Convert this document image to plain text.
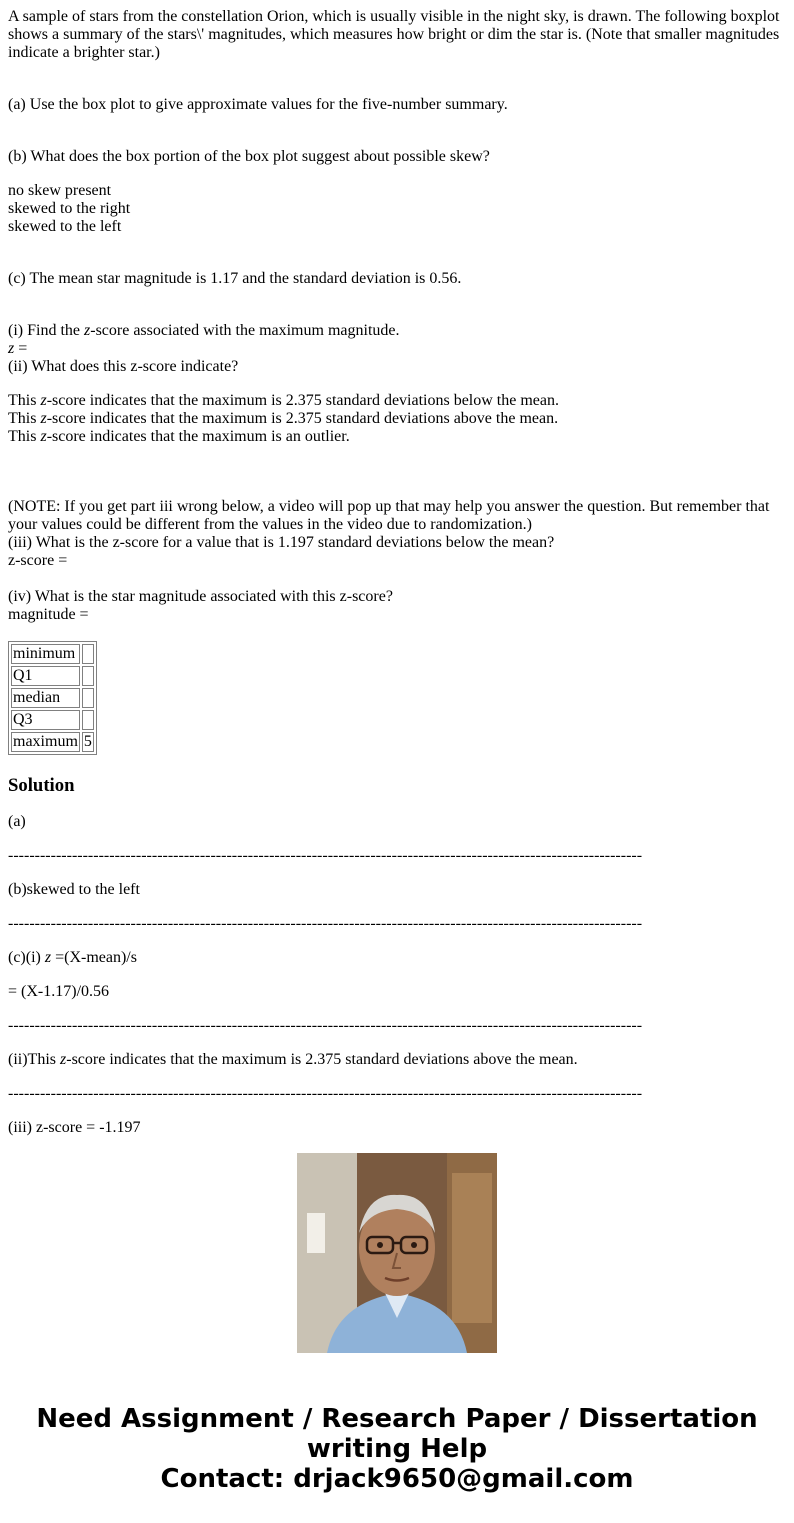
A sample of stars from the constellation Orion, which is usually visible in the night sky, is drawn. The following boxplot shows a summary of the stars\' magnitudes, which measures how bright or dim the star is. (Note that smaller magnitudes indicate a brighter star.)

(a) Use the box plot to give approximate values for the five-number summary.

(b) What does the box portion of the box plot suggest about possible skew?

no skew present
skewed to the right
skewed to the left

(c) The mean star magnitude is 1.17 and the standard deviation is 0.56.

(i) Find the z-score associated with the maximum magnitude.
z =
(ii) What does this z-score indicate?
This z-score indicates that the maximum is 2.375 standard deviations below the mean.
This z-score indicates that the maximum is 2.375 standard deviations above the mean.
This z-score indicates that the maximum is an outlier.
(NOTE: If you get part iii wrong below, a video will pop up that may help you answer the question. But remember that your values could be different from the values in the video due to randomization.)
(iii) What is the z-score for a value that is 1.197 standard deviations below the mean?
z-score =
(iv) What is the star magnitude associated with this z-score?
magnitude =
minimum	
Q1	
median	
Q3	
maximum	5
Solution

(a)

-----------------------------------------------------------------------------------------------------------------------

(b)skewed to the left

-----------------------------------------------------------------------------------------------------------------------

(c)(i) z =(X-mean)/s

= (X-1.17)/0.56

-----------------------------------------------------------------------------------------------------------------------

(ii)This z-score indicates that the maximum is 2.375 standard deviations above the mean.

-----------------------------------------------------------------------------------------------------------------------

(iii) z-score = -1.197

Need Assignment / Research Paper / Dissertation
writing Help
Contact: drjack9650@gmail.com
